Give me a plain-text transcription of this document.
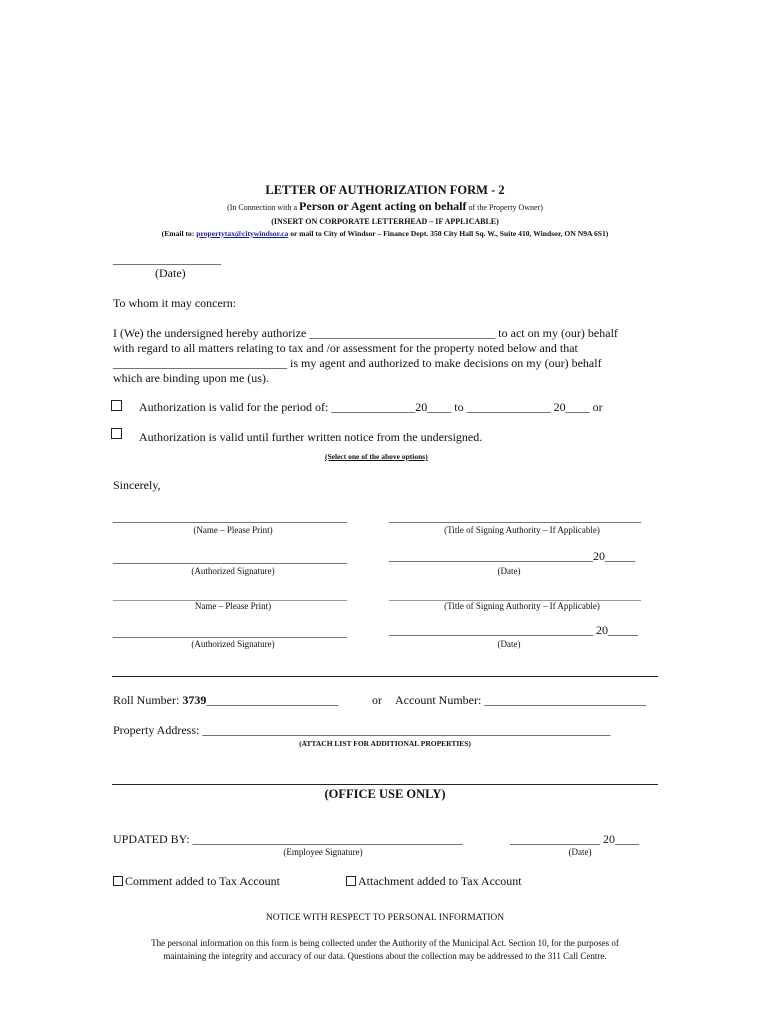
LETTER OF AUTHORIZATION FORM - 2
(In Connection with a Person or Agent acting on behalf of the Property Owner)
(INSERT ON CORPORATE LETTERHEAD – IF APPLICABLE)
(Email to: propertytax@citywindsor.ca or mail to City of Windsor – Finance Dept. 350 City Hall Sq. W., Suite 410, Windsor, ON N9A 6S1)
__________________
(Date)
To whom it may concern:
I (We) the undersigned hereby authorize _______________________________ to act on my (our) behalf
with regard to all matters relating to tax and /or assessment for the property noted below and that
_____________________________ is my agent and authorized to make decisions on my (our) behalf
which are binding upon me (us).
Authorization is valid for the period of: ______________20____ to ______________ 20____ or
Authorization is valid until further written notice from the undersigned.
(Select one of the above options)
Sincerely,
_______________________________________	__________________________________________
(Name – Please Print)	(Title of Signing Authority – If Applicable)
_______________________________________	__________________________________20_____
(Authorized Signature)	(Date)
_______________________________________	__________________________________________
Name – Please Print)	(Title of Signing Authority – If Applicable)
_______________________________________	__________________________________ 20_____
(Authorized Signature)	(Date)
Roll Number: 3739______________________	or Account Number: ___________________________
Property Address: ____________________________________________________________________
(ATTACH LIST FOR ADDITIONAL PROPERTIES)
(OFFICE USE ONLY)
UPDATED BY: _____________________________________________	_______________ 20____
(Employee Signature)	(Date)
Comment added to Tax Account	Attachment added to Tax Account
NOTICE WITH RESPECT TO PERSONAL INFORMATION
The personal information on this form is being collected under the Authority of the Municipal Act. Section 10, for the purposes of
maintaining the integrity and accuracy of our data. Questions about the collection may be addressed to the 311 Call Centre.
